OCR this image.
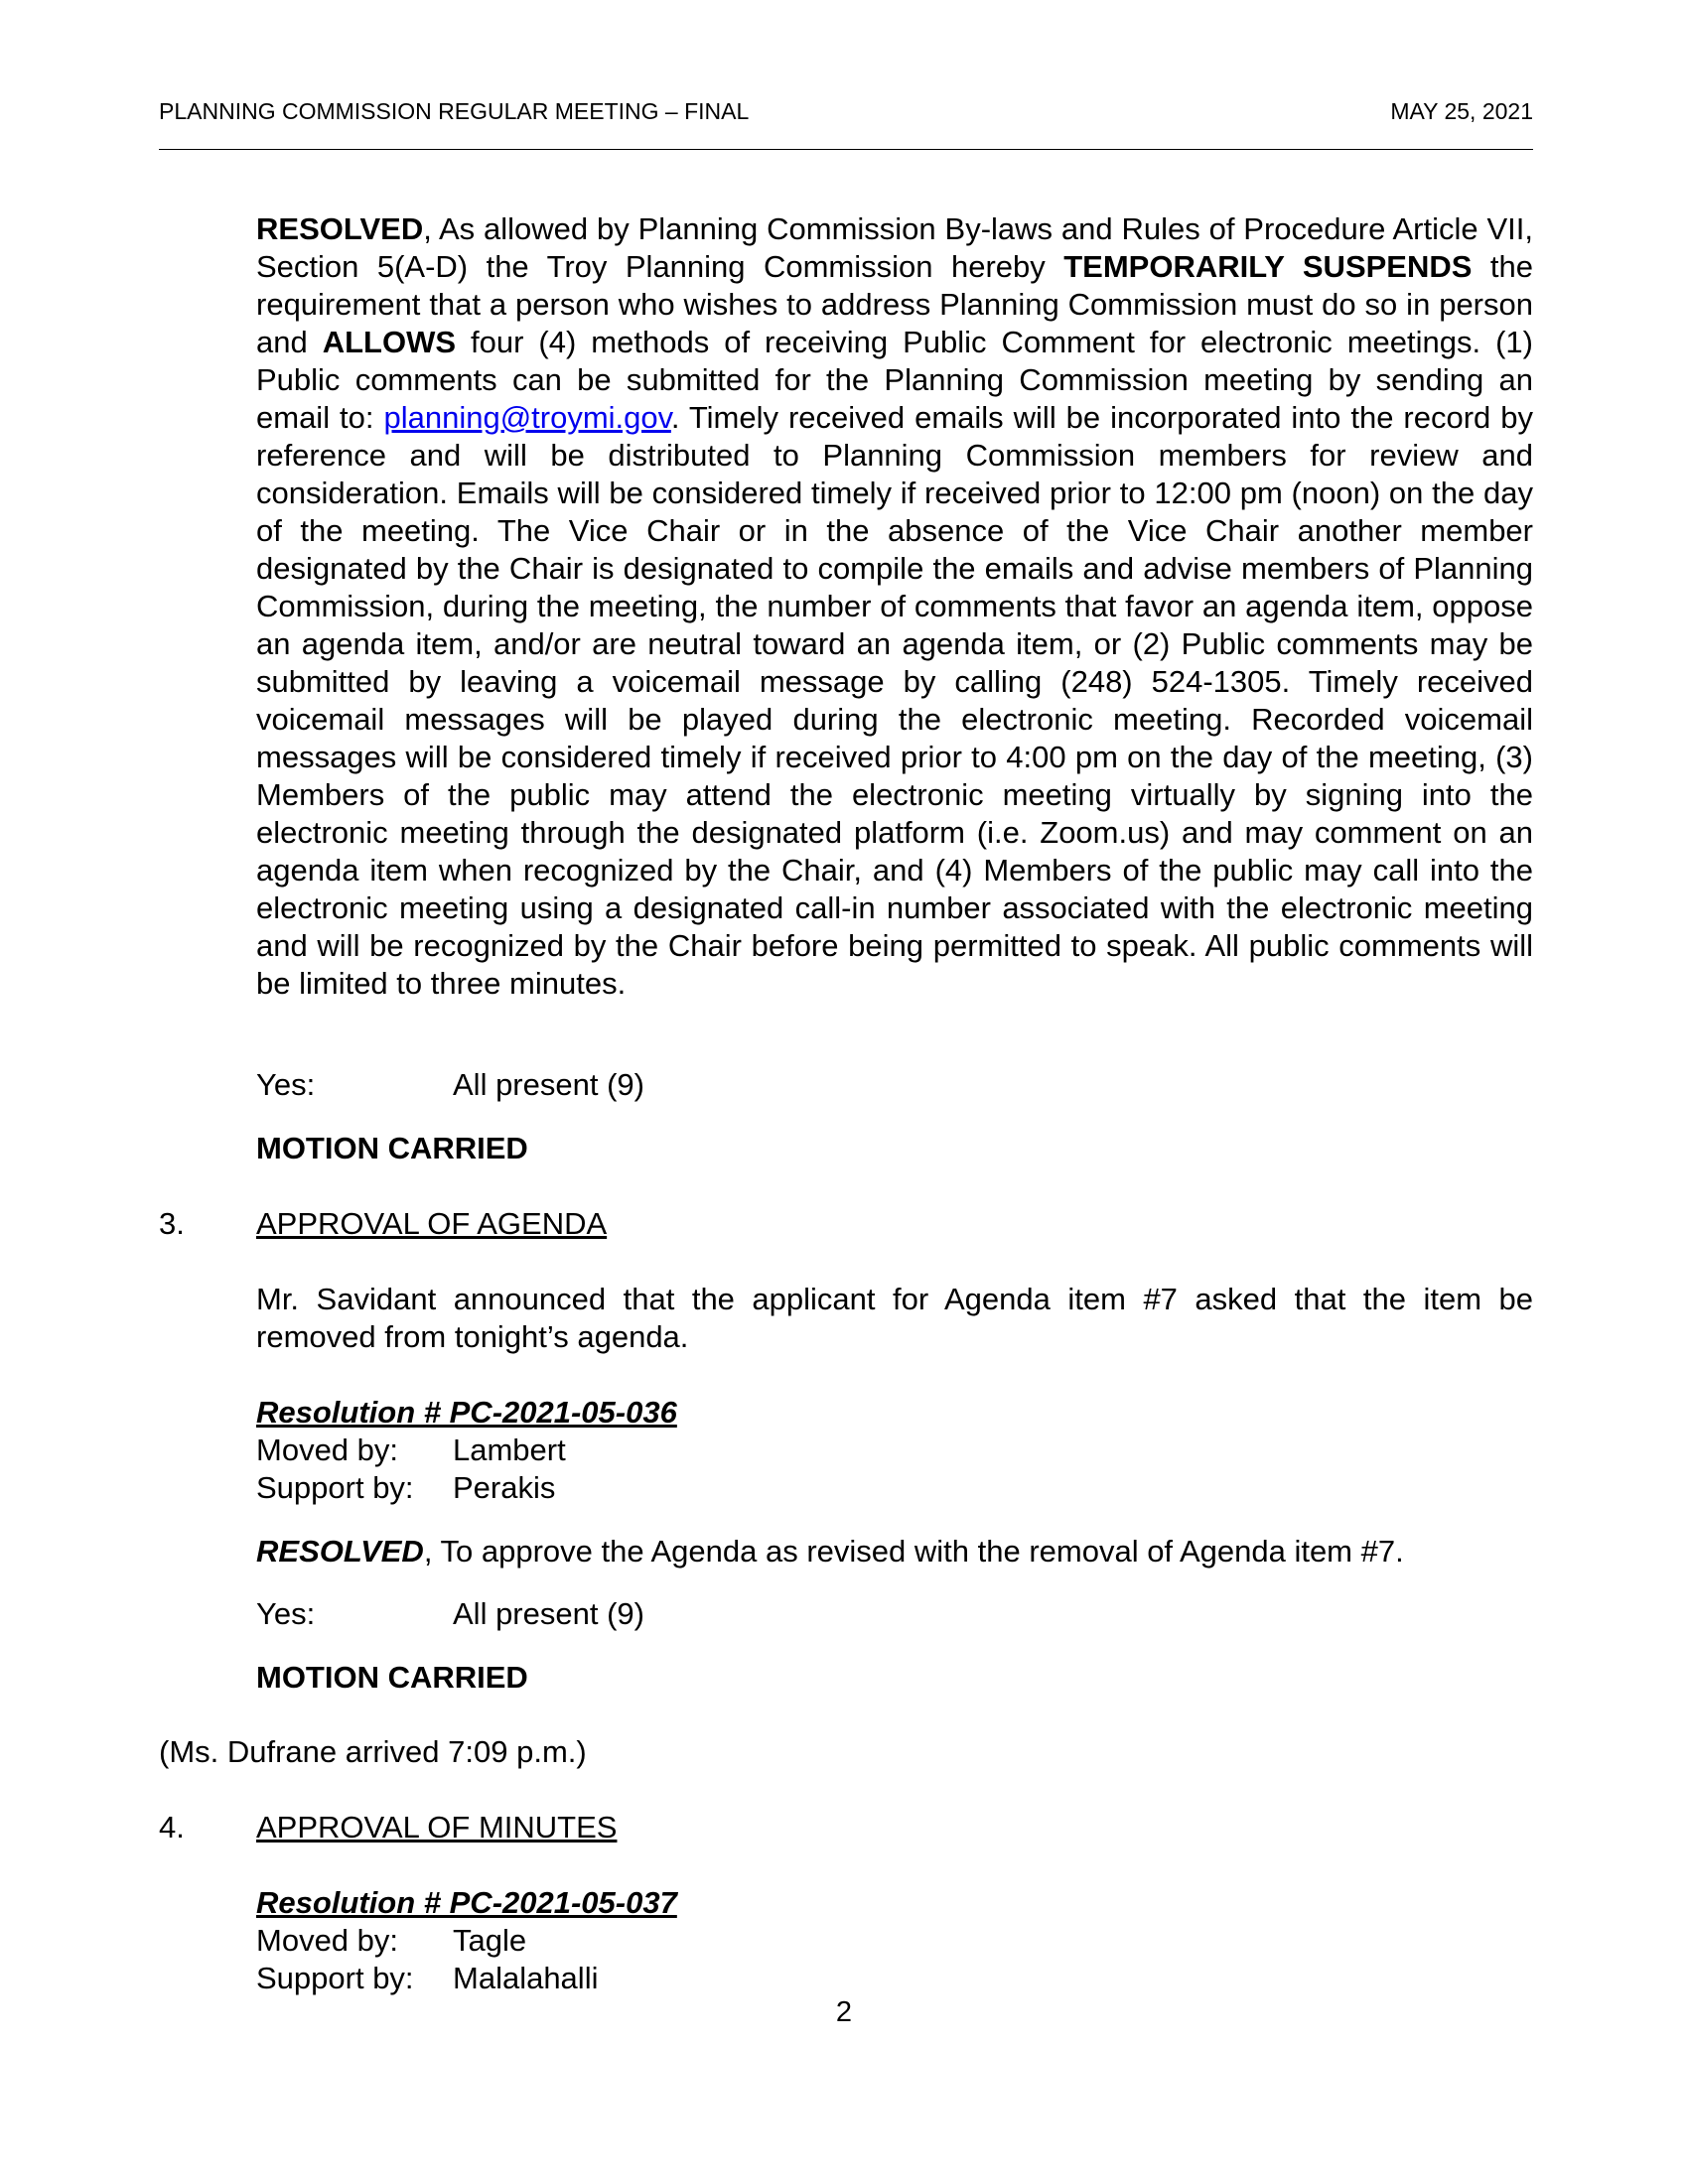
PLANNING COMMISSION REGULAR MEETING – FINAL	MAY 25, 2021
RESOLVED, As allowed by Planning Commission By-laws and Rules of Procedure Article VII, Section 5(A-D) the Troy Planning Commission hereby TEMPORARILY SUSPENDS the requirement that a person who wishes to address Planning Commission must do so in person and ALLOWS four (4) methods of receiving Public Comment for electronic meetings. (1) Public comments can be submitted for the Planning Commission meeting by sending an email to: planning@troymi.gov. Timely received emails will be incorporated into the record by reference and will be distributed to Planning Commission members for review and consideration. Emails will be considered timely if received prior to 12:00 pm (noon) on the day of the meeting. The Vice Chair or in the absence of the Vice Chair another member designated by the Chair is designated to compile the emails and advise members of Planning Commission, during the meeting, the number of comments that favor an agenda item, oppose an agenda item, and/or are neutral toward an agenda item, or (2) Public comments may be submitted by leaving a voicemail message by calling (248) 524-1305. Timely received voicemail messages will be played during the electronic meeting. Recorded voicemail messages will be considered timely if received prior to 4:00 pm on the day of the meeting, (3) Members of the public may attend the electronic meeting virtually by signing into the electronic meeting through the designated platform (i.e. Zoom.us) and may comment on an agenda item when recognized by the Chair, and (4) Members of the public may call into the electronic meeting using a designated call-in number associated with the electronic meeting and will be recognized by the Chair before being permitted to speak. All public comments will be limited to three minutes.
Yes:	All present (9)
MOTION CARRIED
3. APPROVAL OF AGENDA
Mr. Savidant announced that the applicant for Agenda item #7 asked that the item be removed from tonight’s agenda.
Resolution # PC-2021-05-036
Moved by: Lambert
Support by: Perakis
RESOLVED, To approve the Agenda as revised with the removal of Agenda item #7.
Yes:	All present (9)
MOTION CARRIED
(Ms. Dufrane arrived 7:09 p.m.)
4. APPROVAL OF MINUTES
Resolution # PC-2021-05-037
Moved by: Tagle
Support by: Malalahalli
2
